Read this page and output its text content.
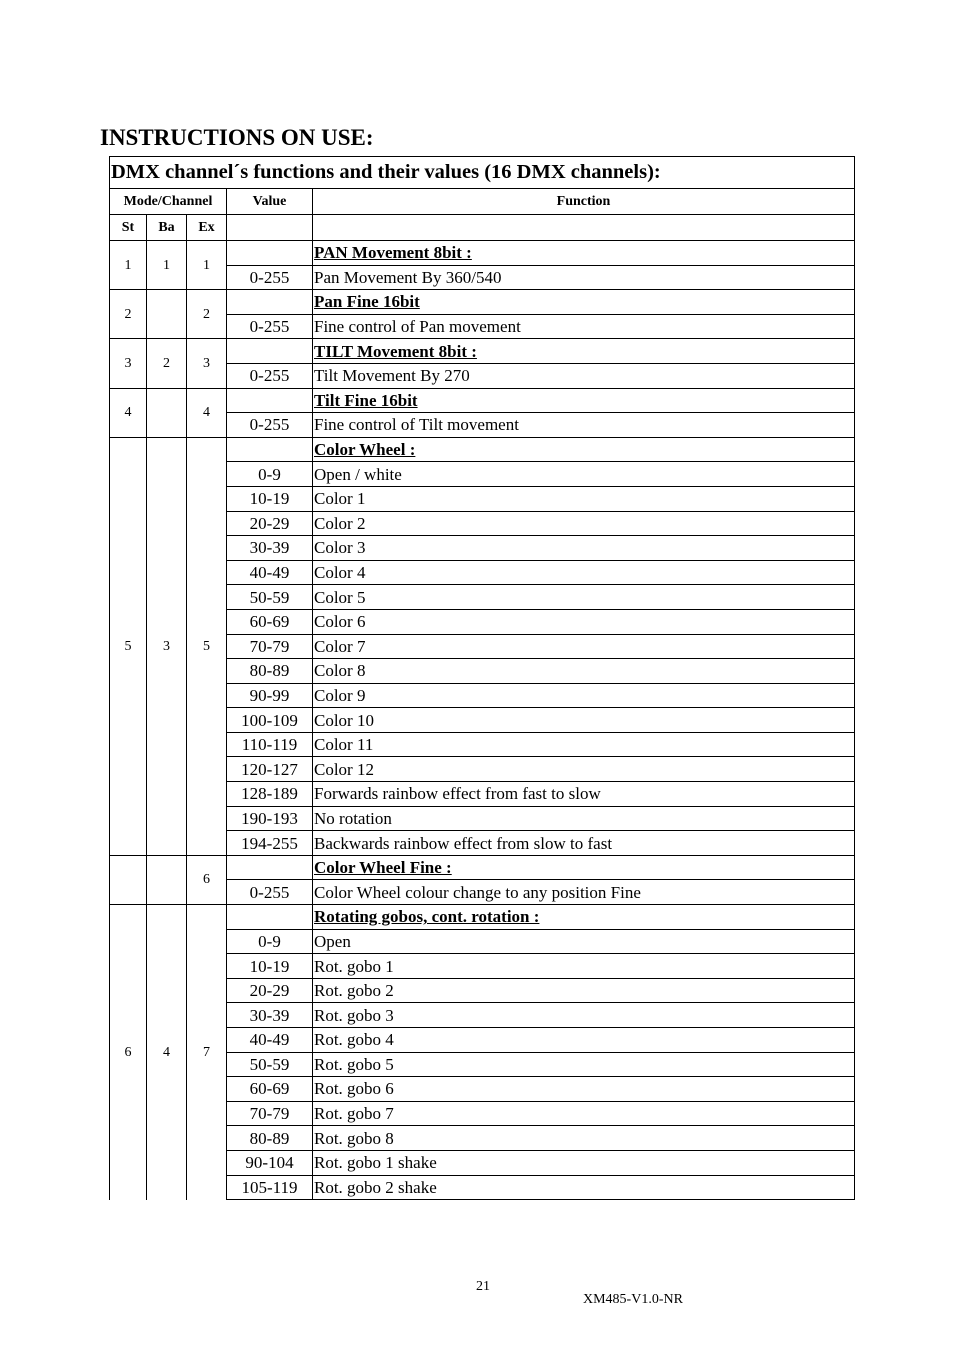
INSTRUCTIONS ON USE:
DMX channel´s functions and their values (16 DMX channels):				
Mode/Channel			Value	Function
St	Ba	Ex		
1	1	1		PAN Movement 8bit :
			0-255	Pan Movement By 360/540
2		2		Pan Fine 16bit
			0-255	Fine control of Pan movement
3	2	3		TILT Movement 8bit :
			0-255	Tilt Movement By 270
4		4		Tilt Fine 16bit
			0-255	Fine control of Tilt movement
5	3	5		Color Wheel :
			0-9	Open / white
			10-19	Color 1
			20-29	Color 2
			30-39	Color 3
			40-49	Color 4
			50-59	Color 5
			60-69	Color 6
			70-79	Color 7
			80-89	Color 8
			90-99	Color 9
			100-109	Color 10
			110-119	Color 11
			120-127	Color 12
			128-189	Forwards rainbow effect from fast to slow
			190-193	No rotation
			194-255	Backwards rainbow effect from slow to fast
		6		Color Wheel Fine :
			0-255	Color Wheel colour change to any position Fine
6	4	7		Rotating gobos, cont. rotation :
			0-9	Open
			10-19	Rot. gobo 1
			20-29	Rot. gobo 2
			30-39	Rot. gobo 3
			40-49	Rot. gobo 4
			50-59	Rot. gobo 5
			60-69	Rot. gobo 6
			70-79	Rot. gobo 7
			80-89	Rot. gobo 8
			90-104	Rot. gobo 1 shake
			105-119	Rot. gobo 2 shake
21
XM485-V1.0-NR
